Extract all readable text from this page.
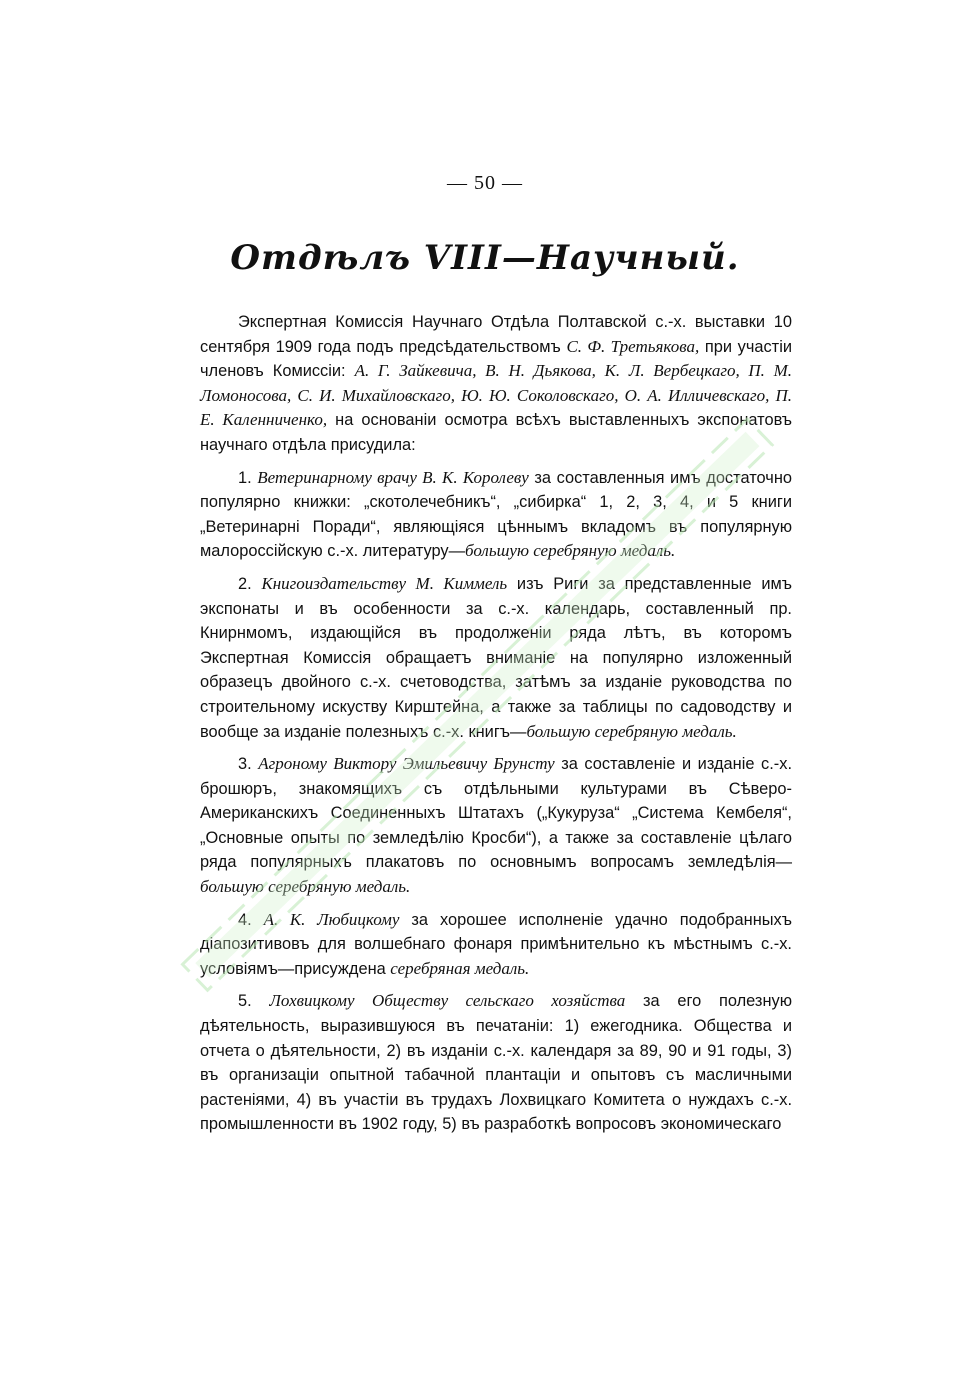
— 50 —
Отдѣлъ VIII—Научный.

Экспертная Комиссія Научнаго Отдѣла Полтавской с.-х. выставки 10 сентября 1909 года подъ предсѣдательствомъ С. Ф. Третьякова, при участіи членовъ Комиссіи: А. Г. Зайкевича, В. Н. Дьякова, К. Л. Вербецкаго, П. М. Ломоносова, С. И. Михайловскаго, Ю. Ю. Соколовскаго, О. А. Илличевскаго, П. Е. Каленниченко, на основаніи осмотра всѣхъ выставленныхъ экспонатовъ научнаго отдѣла присудила:

1. Ветеринарному врачу В. К. Королеву за составленныя имъ достаточно популярно книжки: „скотолечебникъ“, „сибирка“ 1, 2, 3, 4, и 5 книги „Ветеринарні Поради“, являющіяся цѣннымъ вкладомъ въ популярную малороссійскую с.-х. литературу—большую серебряную медаль.

2. Книгоиздательству М. Киммель изъ Риги за представленные имъ экспонаты и въ особенности за с.-х. календарь, составленный пр. Книрнмомъ, издающійся въ продолженіи ряда лѣтъ, въ которомъ Экспертная Комиссія обращаетъ вниманіе на популярно изложенный образецъ двойного с.-х. счетоводства, затѣмъ за изданіе руководства по строительному искуству Кирштейна, а также за таблицы по садоводству и вообще за изданіе полезныхъ с.-х. книгъ—большую серебряную медаль.

3. Агроному Виктору Эмильевичу Брунсту за составленіе и изданіе с.-х. брошюръ, знакомящихъ съ отдѣльными культурами въ Сѣверо-Американскихъ Соединенныхъ Штатахъ („Кукуруза“ „Система Кембеля“, „Основные опыты по земледѣлію Кросби“), а также за составленіе цѣлаго ряда популярныхъ плакатовъ по основнымъ вопросамъ земледѣлія—большую серебряную медаль.

4. А. К. Любицкому за хорошее исполненіе удачно подобранныхъ діапозитивовъ для волшебнаго фонаря примѣнительно къ мѣстнымъ с.-х. условіямъ—присуждена серебряная медаль.

5. Лохвицкому Обществу сельскаго хозяйства за его полезную дѣятельность, выразившуюся въ печатаніи: 1) ежегодника. Общества и отчета о дѣятельности, 2) въ изданіи с.-х. календаря за 89, 90 и 91 годы, 3) въ организаціи опытной табачной плантаціи и опытовъ съ масличными растеніями, 4) въ участіи въ трудахъ Лохвицкаго Комитета о нуждахъ с.-х. промышленности въ 1902 году, 5) въ разработкѣ вопросовъ экономическаго
